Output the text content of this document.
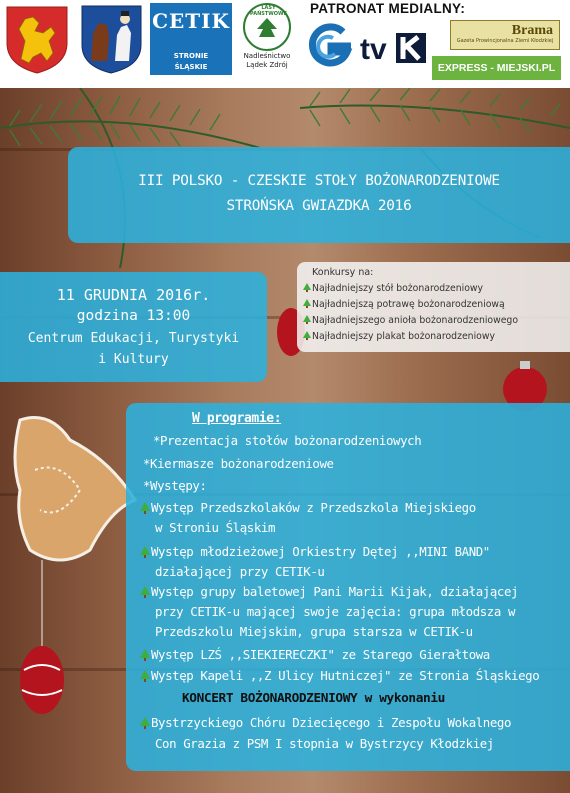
CETIK
STRONIE
ŚLĄSKIE
LASY PAŃSTWOWE
Nadleśnictwo
Lądek Zdrój
PATRONAT MEDIALNY:
tv
Brama
Gazeta Prowincjonalna Ziemi Kłodzkiej
EXPRESS - MIEJSKI.PL
III POLSKO - CZESKIE STOŁY BOŻONARODZENIOWE
STROŃSKA GWIAZDKA 2016
11 GRUDNIA 2016r.
godzina 13:00
Centrum Edukacji, Turystyki
i Kultury
Konkursy na:
Najładniejszy stół bożonarodzeniowy
Najładniejszą potrawę bożonarodzeniową
Najładniejszego anioła bożonarodzeniowego
Najładniejszy plakat bożonarodzeniowy
W programie:
*Prezentacja stołów bożonarodzeniowych
*Kiermasze bożonarodzeniowe
*Występy:
Występ Przedszkolaków z Przedszkola Miejskiego
w Stroniu Śląskim
Występ młodzieżowej Orkiestry Dętej ,,MINI BAND"
działającej przy CETIK-u
Występ grupy baletowej Pani Marii Kijak, działającej
przy CETIK-u mającej swoje zajęcia: grupa młodsza w
Przedszkolu Miejskim, grupa starsza w CETIK-u
Występ LZŚ ,,SIEKIERECZKI" ze Starego Gierałtowa
Występ Kapeli ,,Z Ulicy Hutniczej" ze Stronia Śląskiego
KONCERT BOŻONARODZENIOWY w wykonaniu
Bystrzyckiego Chóru Dziecięcego i Zespołu Wokalnego
Con Grazia z PSM I stopnia w Bystrzycy Kłodzkiej
